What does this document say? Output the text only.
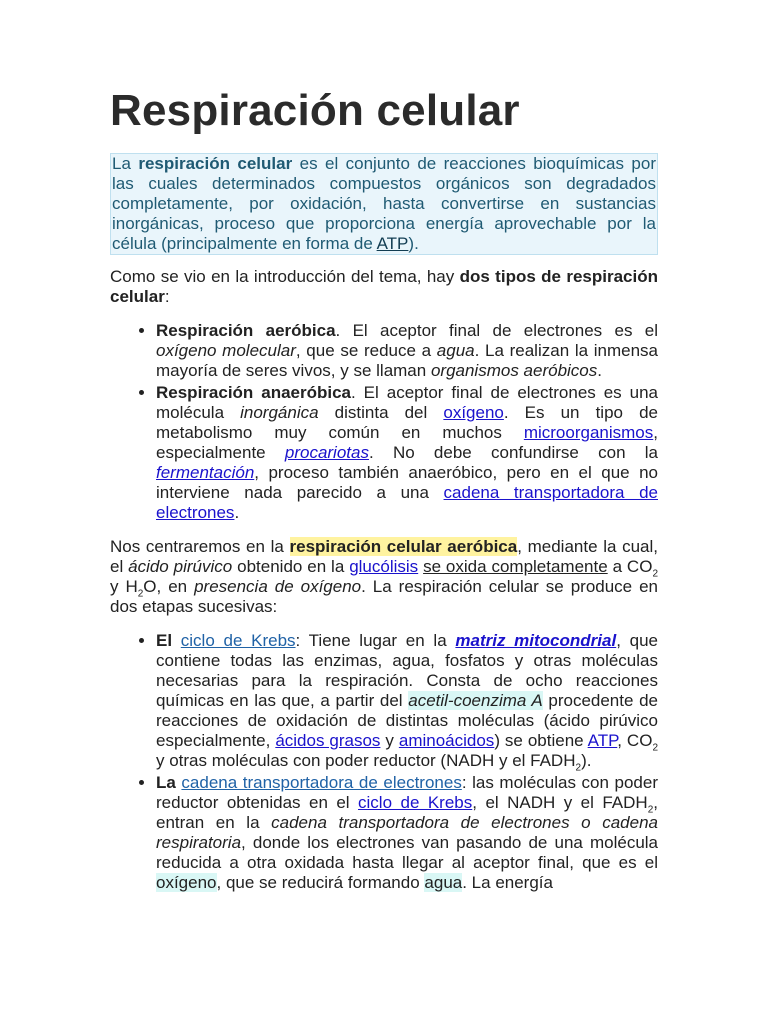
Respiración celular

La respiración celular es el conjunto de reacciones bioquímicas por las cuales determinados compuestos orgánicos son degradados completamente, por oxidación, hasta convertirse en sustancias inorgánicas, proceso que proporciona energía aprovechable por la célula (principalmente en forma de ATP).

Como se vio en la introducción del tema, hay dos tipos de respiración celular:

• Respiración aeróbica. El aceptor final de electrones es el oxígeno molecular, que se reduce a agua. La realizan la inmensa mayoría de seres vivos, y se llaman organismos aeróbicos.
• Respiración anaeróbica. El aceptor final de electrones es una molécula inorgánica distinta del oxígeno. Es un tipo de metabolismo muy común en muchos microorganismos, especialmente procariotas. No debe confundirse con la fermentación, proceso también anaeróbico, pero en el que no interviene nada parecido a una cadena transportadora de electrones.

Nos centraremos en la respiración celular aeróbica, mediante la cual, el ácido pirúvico obtenido en la glucólisis se oxida completamente a $CO_2$ y $H_2O$, en presencia de oxígeno. La respiración celular se produce en dos etapas sucesivas:

• El ciclo de Krebs: Tiene lugar en la matriz mitocondrial, que contiene todas las enzimas, agua, fosfatos y otras moléculas necesarias para la respiración. Consta de ocho reacciones químicas en las que, a partir del acetil-coenzima A procedente de reacciones de oxidación de distintas moléculas (ácido pirúvico especialmente, ácidos grasos y aminoácidos) se obtiene ATP, $CO_2$ y otras moléculas con poder reductor (NADH y el $FADH_2$).
• La cadena transportadora de electrones: las moléculas con poder reductor obtenidas en el ciclo de Krebs, el NADH y el $FADH_2$, entran en la cadena transportadora de electrones o cadena respiratoria, donde los electrones van pasando de una molécula reducida a otra oxidada hasta llegar al aceptor final, que es el oxígeno, que se reducirá formando agua. La energía
